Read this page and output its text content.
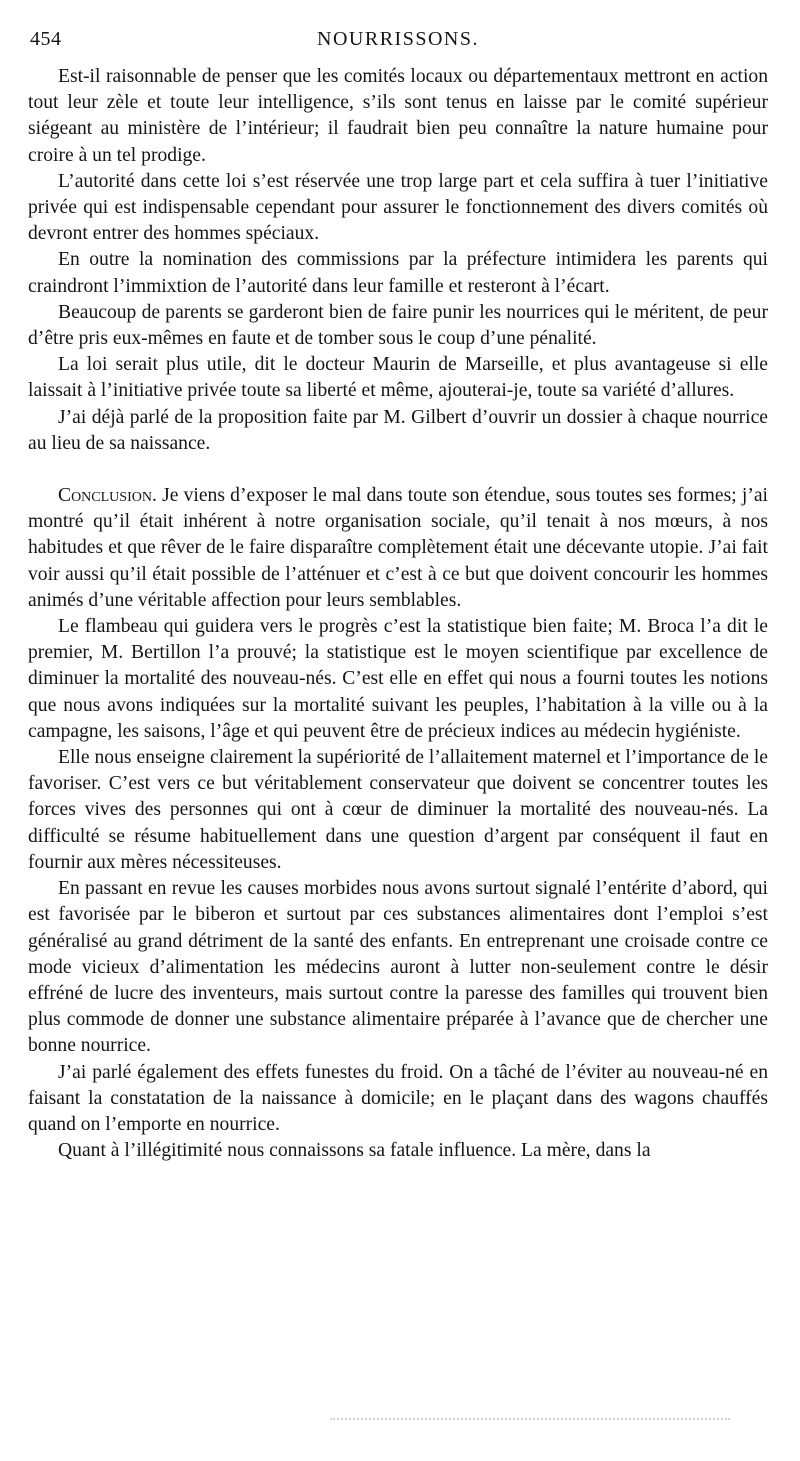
454	NOURRISSONS.

Est-il raisonnable de penser que les comités locaux ou départementaux mettront en action tout leur zèle et toute leur intelligence, s’ils sont tenus en laisse par le comité supérieur siégeant au ministère de l’intérieur; il faudrait bien peu connaître la nature humaine pour croire à un tel prodige.

L’autorité dans cette loi s’est réservée une trop large part et cela suffira à tuer l’initiative privée qui est indispensable cependant pour assurer le fonctionnement des divers comités où devront entrer des hommes spéciaux.

En outre la nomination des commissions par la préfecture intimidera les parents qui craindront l’immixtion de l’autorité dans leur famille et resteront à l’écart.

Beaucoup de parents se garderont bien de faire punir les nourrices qui le méritent, de peur d’être pris eux-mêmes en faute et de tomber sous le coup d’une pénalité.

La loi serait plus utile, dit le docteur Maurin de Marseille, et plus avantageuse si elle laissait à l’initiative privée toute sa liberté et même, ajouterai-je, toute sa variété d’allures.

J’ai déjà parlé de la proposition faite par M. Gilbert d’ouvrir un dossier à chaque nourrice au lieu de sa naissance.

Conclusion. Je viens d’exposer le mal dans toute son étendue, sous toutes ses formes; j’ai montré qu’il était inhérent à notre organisation sociale, qu’il tenait à nos mœurs, à nos habitudes et que rêver de le faire disparaître complètement était une décevante utopie. J’ai fait voir aussi qu’il était possible de l’atténuer et c’est à ce but que doivent concourir les hommes animés d’une véritable affection pour leurs semblables.

Le flambeau qui guidera vers le progrès c’est la statistique bien faite; M. Broca l’a dit le premier, M. Bertillon l’a prouvé; la statistique est le moyen scientifique par excellence de diminuer la mortalité des nouveau-nés. C’est elle en effet qui nous a fourni toutes les notions que nous avons indiquées sur la mortalité suivant les peuples, l’habitation à la ville ou à la campagne, les saisons, l’âge et qui peuvent être de précieux indices au médecin hygiéniste.

Elle nous enseigne clairement la supériorité de l’allaitement maternel et l’importance de le favoriser. C’est vers ce but véritablement conservateur que doivent se concentrer toutes les forces vives des personnes qui ont à cœur de diminuer la mortalité des nouveau-nés. La difficulté se résume habituellement dans une question d’argent par conséquent il faut en fournir aux mères nécessiteuses.

En passant en revue les causes morbides nous avons surtout signalé l’entérite d’abord, qui est favorisée par le biberon et surtout par ces substances alimentaires dont l’emploi s’est généralisé au grand détriment de la santé des enfants. En entreprenant une croisade contre ce mode vicieux d’alimentation les médecins auront à lutter non-seulement contre le désir effréné de lucre des inventeurs, mais surtout contre la paresse des familles qui trouvent bien plus commode de donner une substance alimentaire préparée à l’avance que de chercher une bonne nourrice.

J’ai parlé également des effets funestes du froid. On a tâché de l’éviter au nouveau-né en faisant la constatation de la naissance à domicile; en le plaçant dans des wagons chauffés quand on l’emporte en nourrice.

Quant à l’illégitimité nous connaissons sa fatale influence. La mère, dans la
